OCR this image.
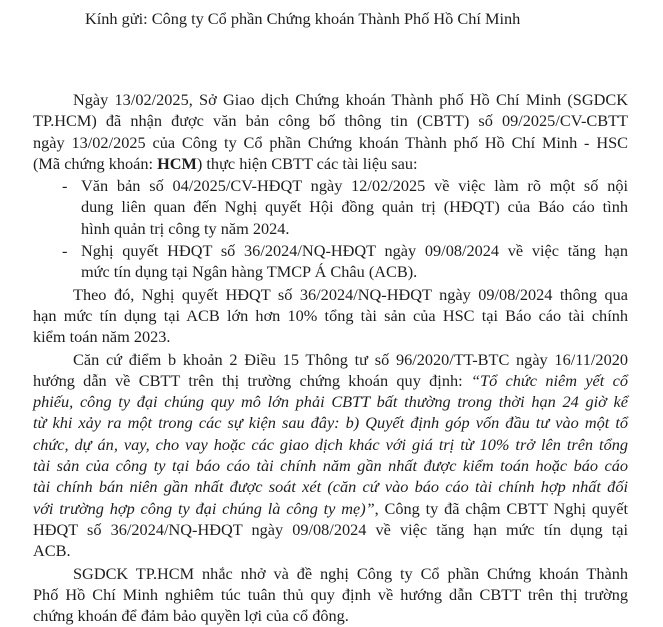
Kính gửi: Công ty Cổ phần Chứng khoán Thành Phố Hồ Chí Minh
Ngày 13/02/2025, Sở Giao dịch Chứng khoán Thành phố Hồ Chí Minh (SGDCK
TP.HCM) đã nhận được văn bản công bố thông tin (CBTT) số 09/2025/CV-CBTT
ngày 13/02/2025 của Công ty Cổ phần Chứng khoán Thành phố Hồ Chí Minh - HSC
(Mã chứng khoán: HCM) thực hiện CBTT các tài liệu sau:
- Văn bản số 04/2025/CV-HĐQT ngày 12/02/2025 về việc làm rõ một số nội
dung liên quan đến Nghị quyết Hội đồng quản trị (HĐQT) của Báo cáo tình
hình quản trị công ty năm 2024.
- Nghị quyết HĐQT số 36/2024/NQ-HĐQT ngày 09/08/2024 về việc tăng hạn
mức tín dụng tại Ngân hàng TMCP Á Châu (ACB).
Theo đó, Nghị quyết HĐQT số 36/2024/NQ-HĐQT ngày 09/08/2024 thông qua
hạn mức tín dụng tại ACB lớn hơn 10% tổng tài sản của HSC tại Báo cáo tài chính
kiểm toán năm 2023.
Căn cứ điểm b khoản 2 Điều 15 Thông tư số 96/2020/TT-BTC ngày 16/11/2020
hướng dẫn về CBTT trên thị trường chứng khoán quy định: “Tổ chức niêm yết cổ
phiếu, công ty đại chúng quy mô lớn phải CBTT bất thường trong thời hạn 24 giờ kể
từ khi xảy ra một trong các sự kiện sau đây: b) Quyết định góp vốn đầu tư vào một tổ
chức, dự án, vay, cho vay hoặc các giao dịch khác với giá trị từ 10% trở lên trên tổng
tài sản của công ty tại báo cáo tài chính năm gần nhất được kiểm toán hoặc báo cáo
tài chính bán niên gần nhất được soát xét (căn cứ vào báo cáo tài chính hợp nhất đối
với trường hợp công ty đại chúng là công ty mẹ)”, Công ty đã chậm CBTT Nghị quyết
HĐQT số 36/2024/NQ-HĐQT ngày 09/08/2024 về việc tăng hạn mức tín dụng tại
ACB.
SGDCK TP.HCM nhắc nhở và đề nghị Công ty Cổ phần Chứng khoán Thành
Phố Hồ Chí Minh nghiêm túc tuân thủ quy định về hướng dẫn CBTT trên thị trường
chứng khoán để đảm bảo quyền lợi của cổ đông.
